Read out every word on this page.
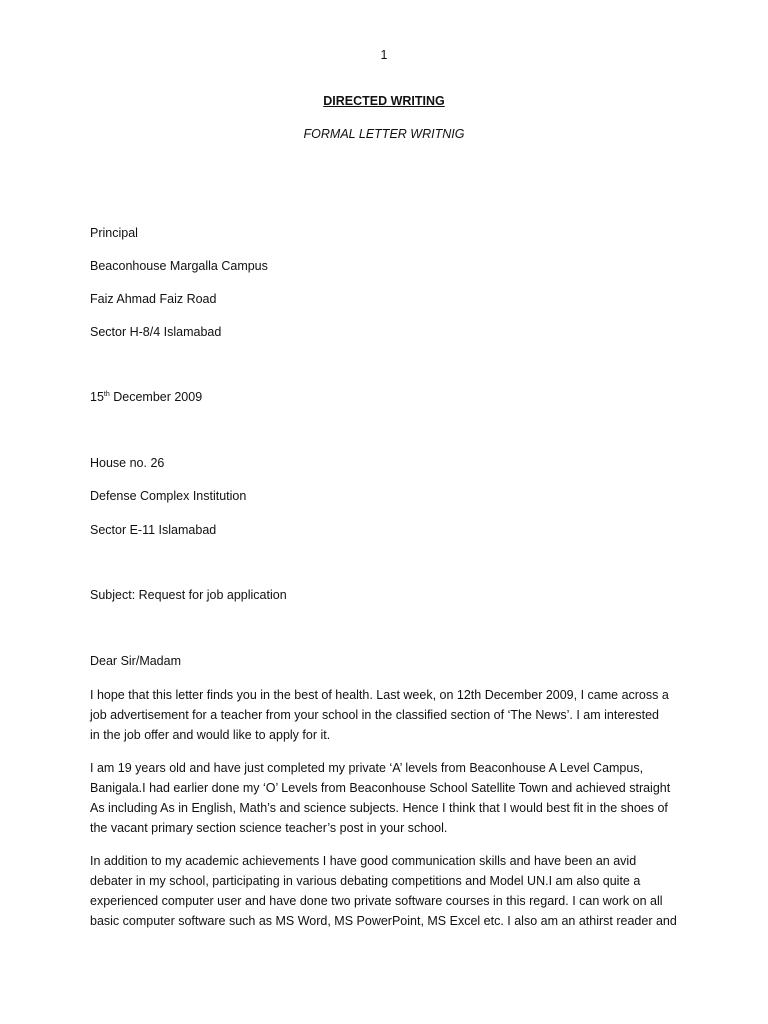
1
DIRECTED WRITING
FORMAL LETTER WRITNIG
Principal
Beaconhouse Margalla Campus
Faiz Ahmad Faiz Road
Sector H-8/4 Islamabad
15th December 2009
House no. 26
Defense Complex Institution
Sector E-11 Islamabad
Subject: Request for job application
Dear Sir/Madam
I hope that this letter finds you in the best of health. Last week, on 12th December 2009, I came across a
job advertisement for a teacher from your school in the classified section of ‘The News’. I am interested
in the job offer and would like to apply for it.
I am 19 years old and have just completed my private ‘A’ levels from Beaconhouse A Level Campus,
Banigala.I had earlier done my ‘O’ Levels from Beaconhouse School Satellite Town and achieved straight
As including As in English, Math’s and science subjects. Hence I think that I would best fit in the shoes of
the vacant primary section science teacher’s post in your school.
In addition to my academic achievements I have good communication skills and have been an avid
debater in my school, participating in various debating competitions and Model UN.I am also quite a
experienced computer user and have done two private software courses in this regard. I can work on all
basic computer software such as MS Word, MS PowerPoint, MS Excel etc. I also am an athirst reader and
